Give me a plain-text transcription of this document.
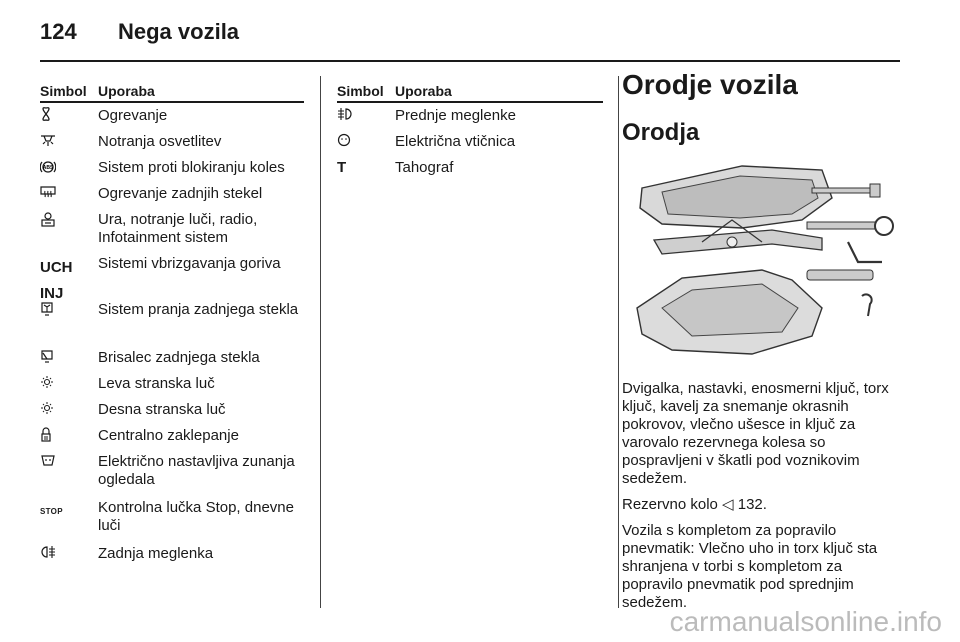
124 Nega vozila
Simbol Uporaba
Ogrevanje
Notranja osvetlitev
ABS	Sistem proti blokiranju koles
Ogrevanje zadnjih stekel
Ura, notranje luči, radio, Infotainment sistem
UCH
INJ
Sistemi vbrizgavanja goriva
Sistem pranja zadnjega stekla
Brisalec zadnjega stekla
Leva stranska luč
Desna stranska luč
Centralno zaklepanje
Električno nastavljiva zunanja ogledala
STOP	Kontrolna lučka Stop, dnevne luči
Zadnja meglenka
Simbol Uporaba
Prednje meglenke
Električna vtičnica
T	Tahograf
Orodje vozila
Orodja

Dvigalka, nastavki, enosmerni ključ, torx ključ, kavelj za snemanje okrasnih pokrovov, vlečno ušesce in ključ za varovalo rezervnega kolesa so pospravljeni v škatli pod voznikovim sedežem.

Rezervno kolo ◁ 132.

Vozila s kompletom za popravilo pnevmatik: Vlečno uho in torx ključ sta shranjena v torbi s kompletom za popravilo pnevmatik pod sprednjim sedežem.

carmanualsonline.info
